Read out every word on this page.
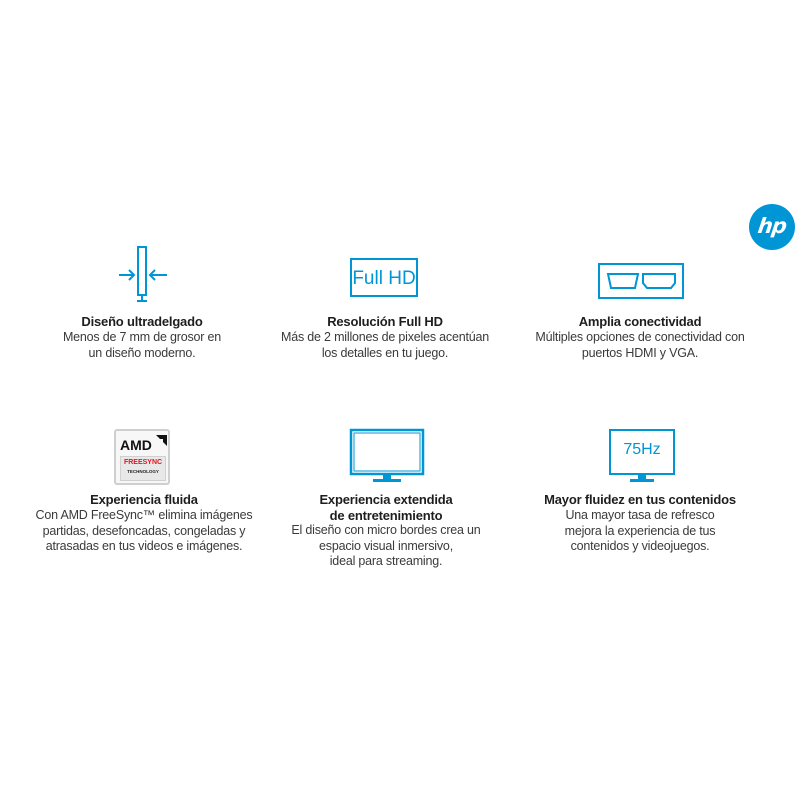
hp
Diseño ultradelgado
Menos de 7 mm de grosor en
un diseño moderno.
Full HD
Resolución Full HD
Más de 2 millones de pixeles acentúan
los detalles en tu juego.
Amplia conectividad
Múltiples opciones de conectividad con
puertos HDMI y VGA.
AMD
FREESYNC
TECHNOLOGY
Experiencia fluida
Con AMD FreeSync™ elimina imágenes
partidas, desefoncadas, congeladas y
atrasadas en tus videos e imágenes.
Experiencia extendida
de entretenimiento
El diseño con micro bordes crea un
espacio visual inmersivo,
ideal para streaming.
75Hz
Mayor fluidez en tus contenidos
Una mayor tasa de refresco
mejora la experiencia de tus
contenidos y videojuegos.
